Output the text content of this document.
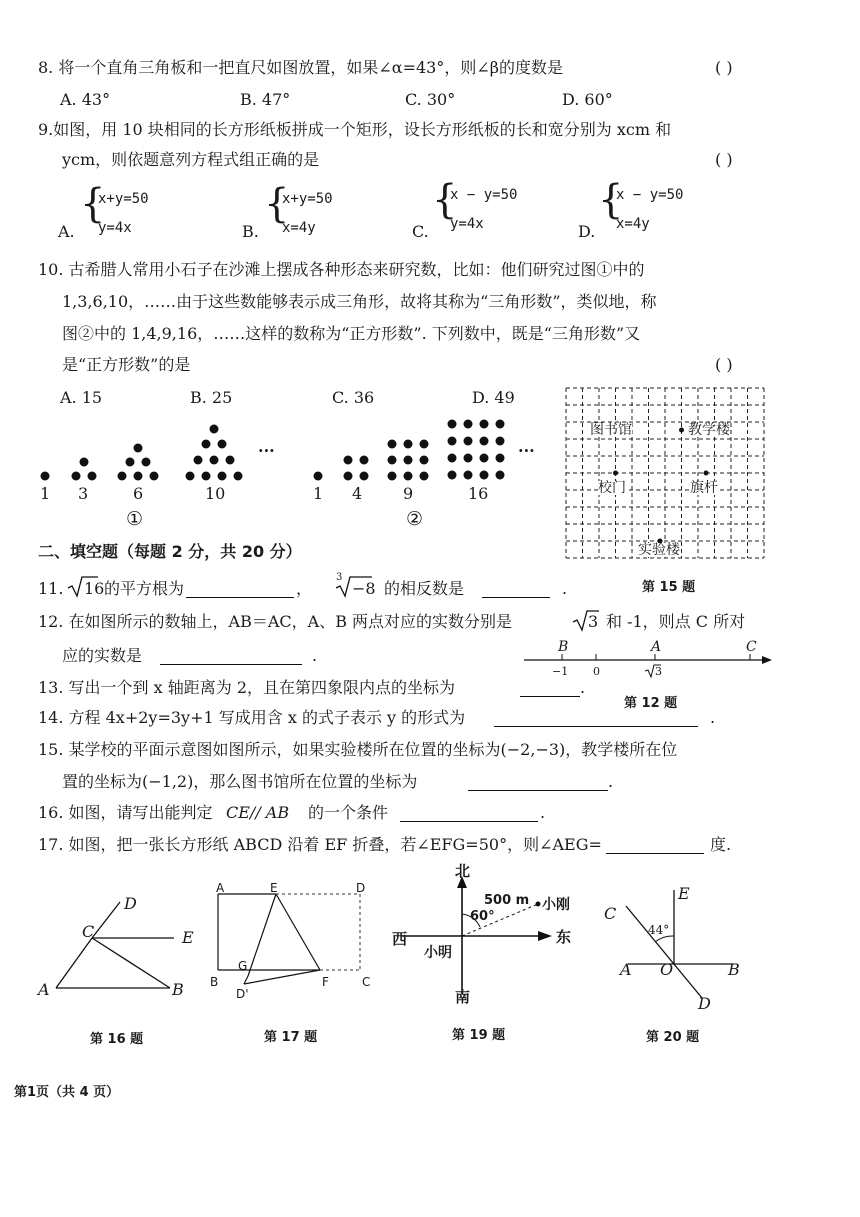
8. 将一个直角三角板和一把直尺如图放置，如果∠α=43°，则∠β的度数是	( )
A. 43°	B. 47°	C. 30°	D. 60°
9.如图，用 10 块相同的长方形纸板拼成一个矩形，设长方形纸板的长和宽分别为 xcm 和
ycm，则依题意列方程式组正确的是	( )
A.
{
x+y=50
y=4x	B.
{
x+y=50
x=4y	C.
{
x − y=50
y=4x	D.
{
x − y=50
x=4y
10. 古希腊人常用小石子在沙滩上摆成各种形态来研究数，比如：他们研究过图①中的
1,3,6,10，……由于这些数能够表示成三角形，故将其称为“三角形数”，类似地，称
图②中的 1,4,9,16，……这样的数称为“正方形数”. 下列数中，既是“三角形数”又
是“正方形数”的是	( )
A. 15	B. 25	C. 36	D. 49
···	···
1 3	6	10	1 4	9	16
①	②
图书馆	教学楼
校门	旗杆
实验楼
第 15 题
二、填空题（每题 2 分，共 20 分）
11. 16 的平方根为	，
3
−8 的相反数是	.
12. 在如图所示的数轴上，AB＝AC，A、B 两点对应的实数分别是	3 和 -1，则点 C 所对
应的实数是	.	B	A	C
−1 0	3
第 12 题
13. 写出一个到 x 轴距离为 2，且在第四象限内点的坐标为	.
14. 方程 4x+2y=3y+1 写成用含 x 的式子表示 y 的形式为	.
15. 某学校的平面示意图如图所示，如果实验楼所在位置的坐标为(−2,−3)，教学楼所在位
置的坐标为(−1,2)，那么图书馆所在位置的坐标为	.
16. 如图，请写出能判定 CE// AB 的一个条件	.
17. 如图，把一张长方形纸 ABCD 沿着 EF 折叠，若∠EFG=50°，则∠AEG=	度.
A	B
C
D
E
第 16 题
A	E	D
G
B
D'
F	C
第 17 题
北
南
西	东
小明
小刚
500 m
60°
第 19 题
C
E
A O	B
D
44°
第 20 题
第1页（共 4 页）
